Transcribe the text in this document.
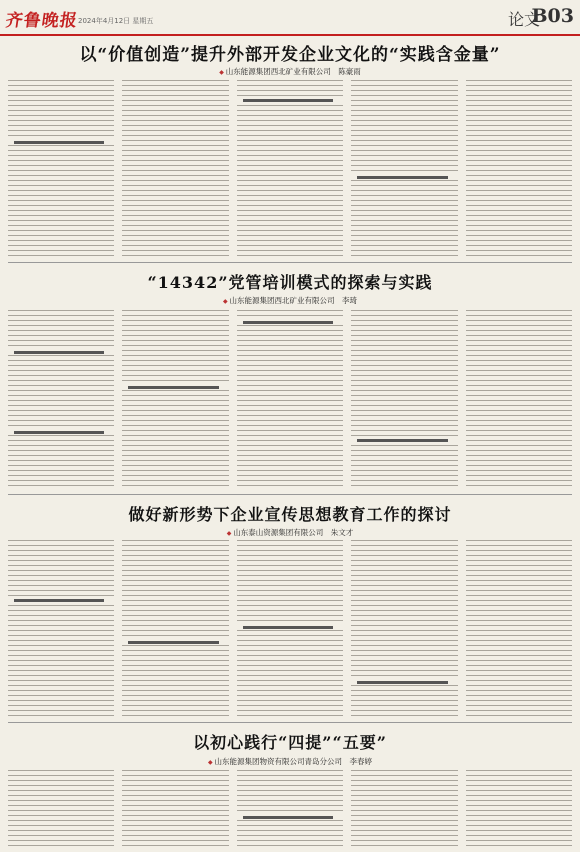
齐鲁晚报
2024年4月12日 星期五	论文
B03
以“价值创造”提升外部开发企业文化的“实践含金量”
◆ 山东能源集团西北矿业有限公司　陈豪雨
“14342”党管培训模式的探索与实践
◆ 山东能源集团西北矿业有限公司　李琦
做好新形势下企业宣传思想教育工作的探讨
◆ 山东泰山资源集团有限公司　朱文才
以初心践行“四提”“五要”
◆ 山东能源集团物资有限公司青岛分公司　李春婷
